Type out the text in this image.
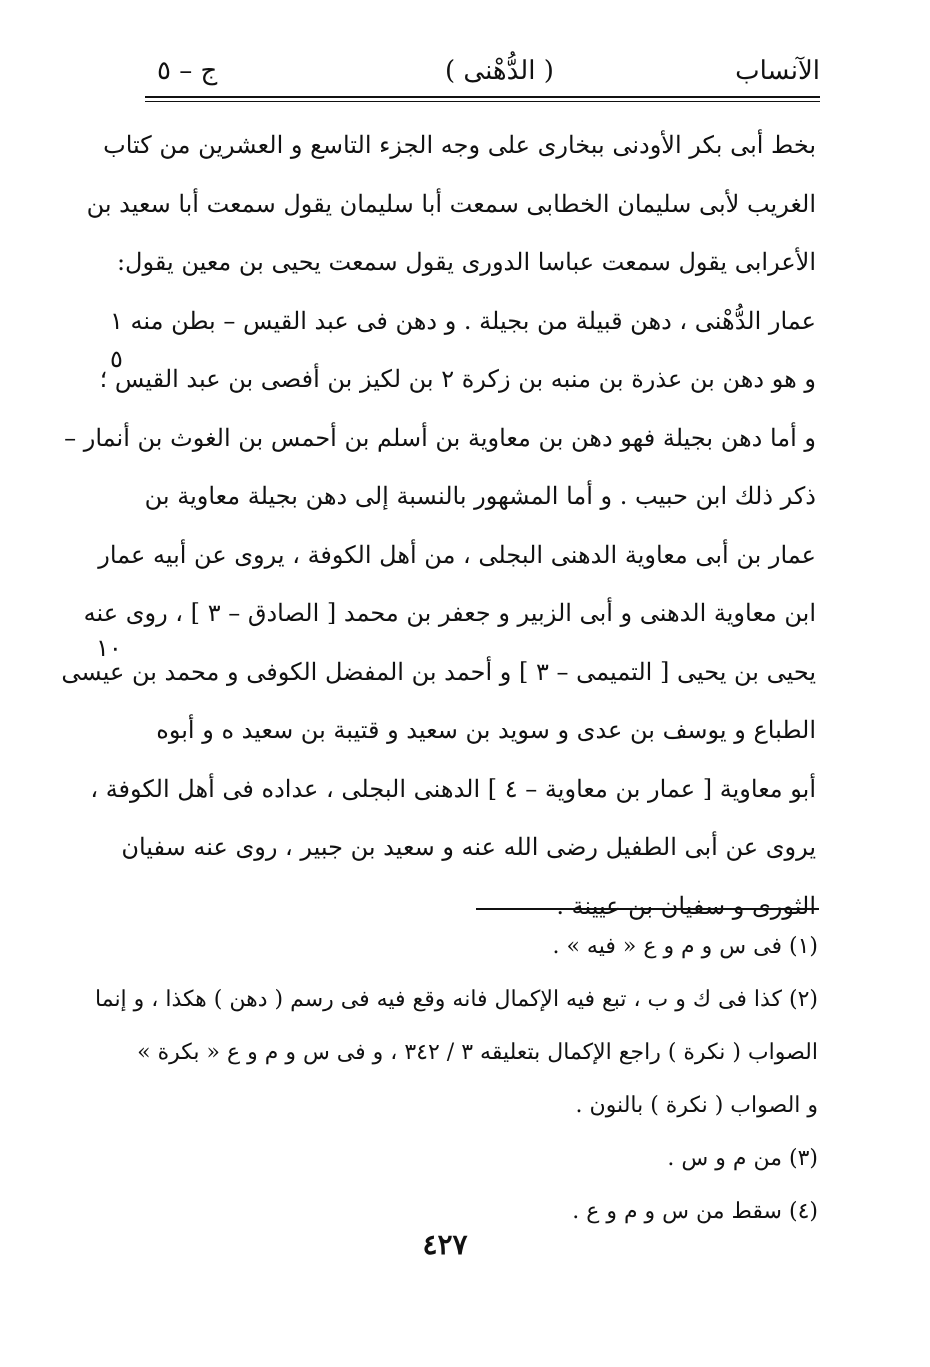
الآنساب
( الدُّهْنى )
ج – ٥
بخط أبى بكر الأودنى ببخارى على وجه الجزء التاسع و العشرين من كتاب
الغريب لأبى سليمان الخطابى سمعت أبا سليمان يقول سمعت أبا سعيد بن
الأعرابى يقول سمعت عباسا الدورى يقول سمعت يحيى بن معين يقول:
عمار الدُّهْنى ، دهن قبيلة من بجيلة . و دهن فى عبد القيس – بطن منه ١
و هو دهن بن عذرة بن منبه بن زكرة ٢ بن لكيز بن أفصى بن عبد القيس ؛
و أما دهن بجيلة فهو دهن بن معاوية بن أسلم بن أحمس بن الغوث بن أنمار –
ذكر ذلك ابن حبيب . و أما المشهور بالنسبة إلى دهن بجيلة معاوية بن
عمار بن أبى معاوية الدهنى البجلى ، من أهل الكوفة ، يروى عن أبيه عمار
ابن معاوية الدهنى و أبى الزبير و جعفر بن محمد [ الصادق – ٣ ] ، روى عنه
يحيى بن يحيى [ التميمى – ٣ ] و أحمد بن المفضل الكوفى و محمد بن عيسى
الطباع و يوسف بن عدى و سويد بن سعيد و قتيبة بن سعيد ه و أبوه
أبو معاوية [ عمار بن معاوية – ٤ ] الدهنى البجلى ، عداده فى أهل الكوفة ،
يروى عن أبى الطفيل رضى الله عنه و سعيد بن جبير ، روى عنه سفيان
الثورى و سفيان بن عيينة .
٥
١٠
(١) فى س و م و ع « فيه » .
(٢) كذا فى ك و ب ، تبع فيه الإكمال فانه وقع فيه فى رسم ( دهن ) هكذا ، و إنما
الصواب ( نكرة ) راجع الإكمال بتعليقه ٣ / ٣٤٢ ، و فى س و م و ع « بكرة »
و الصواب ( نكرة ) بالنون .
(٣) من م و س .
(٤) سقط من س و م و ع .
٤٢٧
